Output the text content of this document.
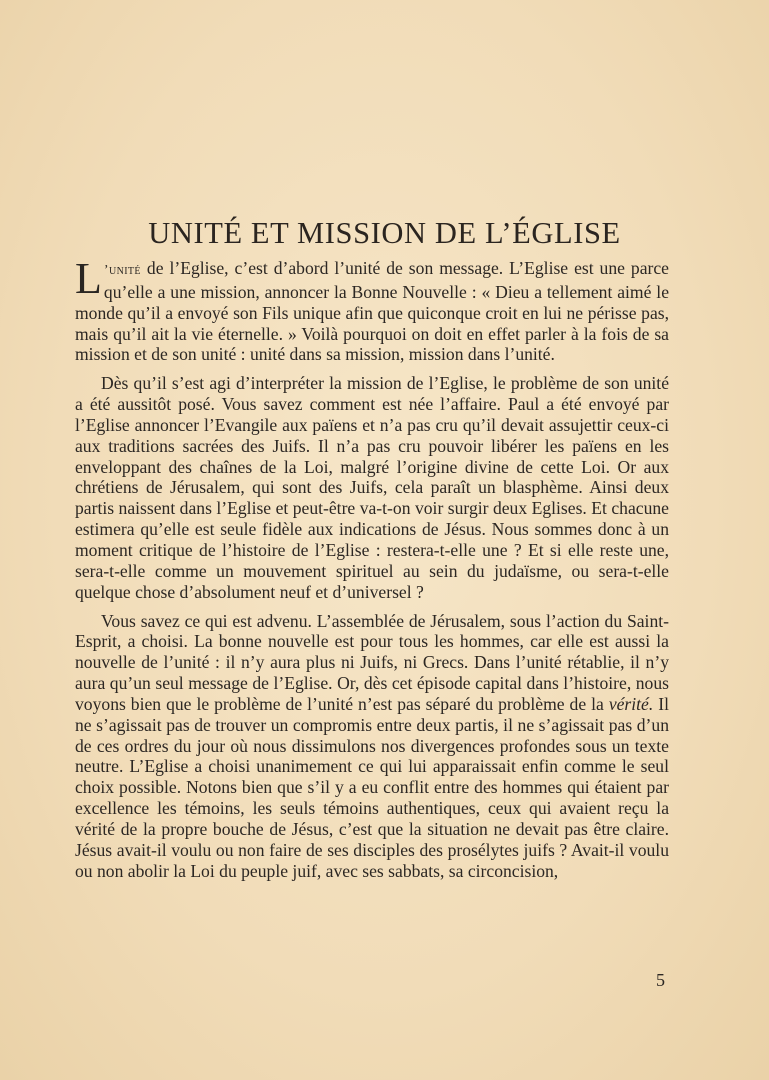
UNITÉ ET MISSION DE L’ÉGLISE

L ’unité de l’Eglise, c’est d’abord l’unité de son message. L’Eglise est une parce qu’elle a une mission, annoncer la Bonne Nouvelle : « Dieu a tellement aimé le monde qu’il a envoyé son Fils unique afin que quiconque croit en lui ne périsse pas, mais qu’il ait la vie éternelle. » Voilà pourquoi on doit en effet parler à la fois de sa mission et de son unité : unité dans sa mission, mission dans l’unité.

Dès qu’il s’est agi d’interpréter la mission de l’Eglise, le problème de son unité a été aussitôt posé. Vous savez comment est née l’affaire. Paul a été envoyé par l’Eglise annoncer l’Evangile aux païens et n’a pas cru qu’il devait assujettir ceux-ci aux traditions sacrées des Juifs. Il n’a pas cru pouvoir libérer les païens en les enveloppant des chaînes de la Loi, malgré l’origine divine de cette Loi. Or aux chrétiens de Jérusalem, qui sont des Juifs, cela paraît un blasphème. Ainsi deux partis naissent dans l’Eglise et peut-être va-t-on voir surgir deux Eglises. Et chacune estimera qu’elle est seule fidèle aux indications de Jésus. Nous sommes donc à un moment critique de l’histoire de l’Eglise : restera-t-elle une ? Et si elle reste une, sera-t-elle comme un mouvement spirituel au sein du judaïsme, ou sera-t-elle quelque chose d’absolument neuf et d’universel ?

Vous savez ce qui est advenu. L’assemblée de Jérusalem, sous l’action du Saint-Esprit, a choisi. La bonne nouvelle est pour tous les hommes, car elle est aussi la nouvelle de l’unité : il n’y aura plus ni Juifs, ni Grecs. Dans l’unité rétablie, il n’y aura qu’un seul message de l’Eglise. Or, dès cet épisode capital dans l’histoire, nous voyons bien que le problème de l’unité n’est pas séparé du problème de la vérité. Il ne s’agissait pas de trouver un compromis entre deux partis, il ne s’agissait pas d’un de ces ordres du jour où nous dissimulons nos divergences profondes sous un texte neutre. L’Eglise a choisi unanimement ce qui lui apparaissait enfin comme le seul choix possible. Notons bien que s’il y a eu conflit entre des hommes qui étaient par excellence les témoins, les seuls témoins authentiques, ceux qui avaient reçu la vérité de la propre bouche de Jésus, c’est que la situation ne devait pas être claire. Jésus avait-il voulu ou non faire de ses disciples des prosélytes juifs ? Avait-il voulu ou non abolir la Loi du peuple juif, avec ses sabbats, sa circoncision,

5
